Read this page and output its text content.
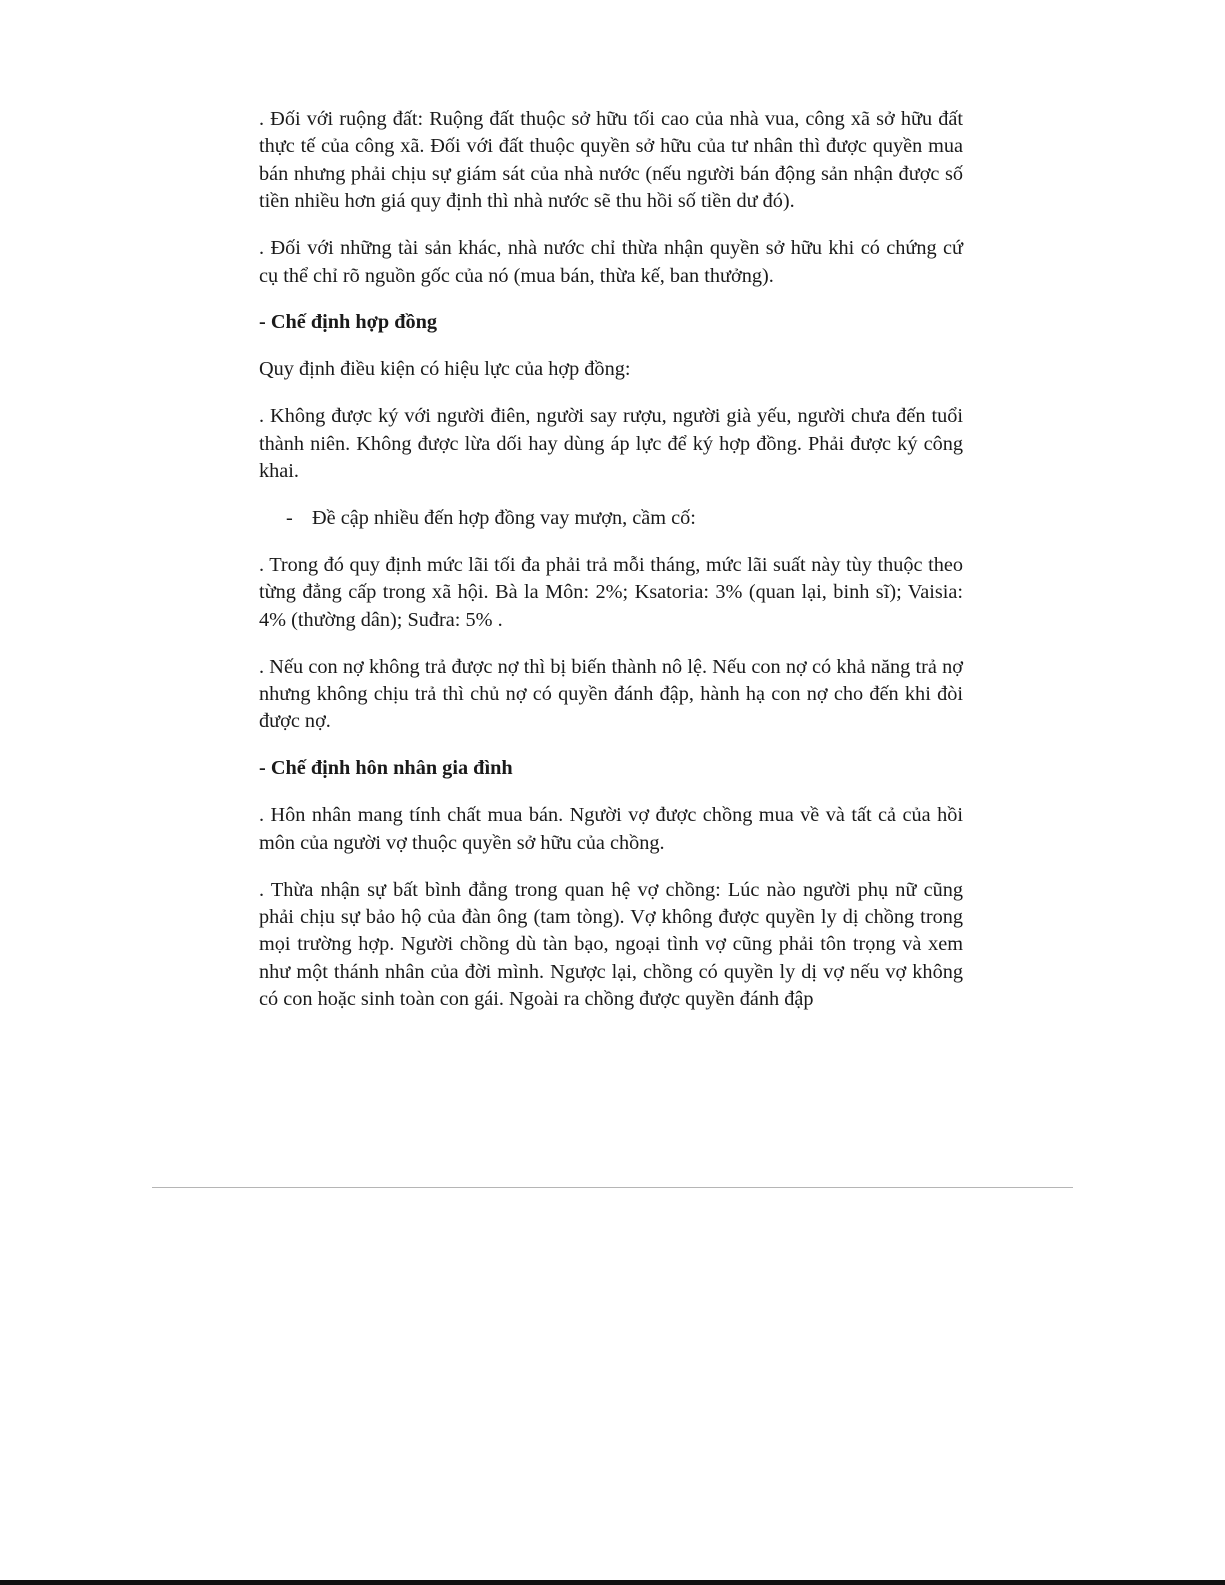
. Đối với ruộng đất: Ruộng đất thuộc sở hữu tối cao của nhà vua, công xã sở hữu đất thực tế của công xã. Đối với đất thuộc quyền sở hữu của tư nhân thì được quyền mua bán nhưng phải chịu sự giám sát của nhà nước (nếu người bán động sản nhận được số tiền nhiều hơn giá quy định thì nhà nước sẽ thu hồi số tiền dư đó).

. Đối với những tài sản khác, nhà nước chỉ thừa nhận quyền sở hữu khi có chứng cứ cụ thể chỉ rõ nguồn gốc của nó (mua bán, thừa kế, ban thưởng).

- Chế định hợp đồng

Quy định điều kiện có hiệu lực của hợp đồng:

. Không được ký với người điên, người say rượu, người già yếu, người chưa đến tuổi thành niên. Không được lừa dối hay dùng áp lực để ký hợp đồng. Phải được ký công khai.

- Đề cập nhiều đến hợp đồng vay mượn, cầm cố:

. Trong đó quy định mức lãi tối đa phải trả mỗi tháng, mức lãi suất này tùy thuộc theo từng đẳng cấp trong xã hội. Bà la Môn: 2%; Ksatoria: 3% (quan lại, binh sĩ); Vaisia: 4% (thường dân); Suđra: 5% .

. Nếu con nợ không trả được nợ thì bị biến thành nô lệ. Nếu con nợ có khả năng trả nợ nhưng không chịu trả thì chủ nợ có quyền đánh đập, hành hạ con nợ cho đến khi đòi được nợ.

- Chế định hôn nhân gia đình

. Hôn nhân mang tính chất mua bán. Người vợ được chồng mua về và tất cả của hồi môn của người vợ thuộc quyền sở hữu của chồng.

. Thừa nhận sự bất bình đẳng trong quan hệ vợ chồng: Lúc nào người phụ nữ cũng phải chịu sự bảo hộ của đàn ông (tam tòng). Vợ không được quyền ly dị chồng trong mọi trường hợp. Người chồng dù tàn bạo, ngoại tình vợ cũng phải tôn trọng và xem như một thánh nhân của đời mình. Ngược lại, chồng có quyền ly dị vợ nếu vợ không có con hoặc sinh toàn con gái. Ngoài ra chồng được quyền đánh đập
